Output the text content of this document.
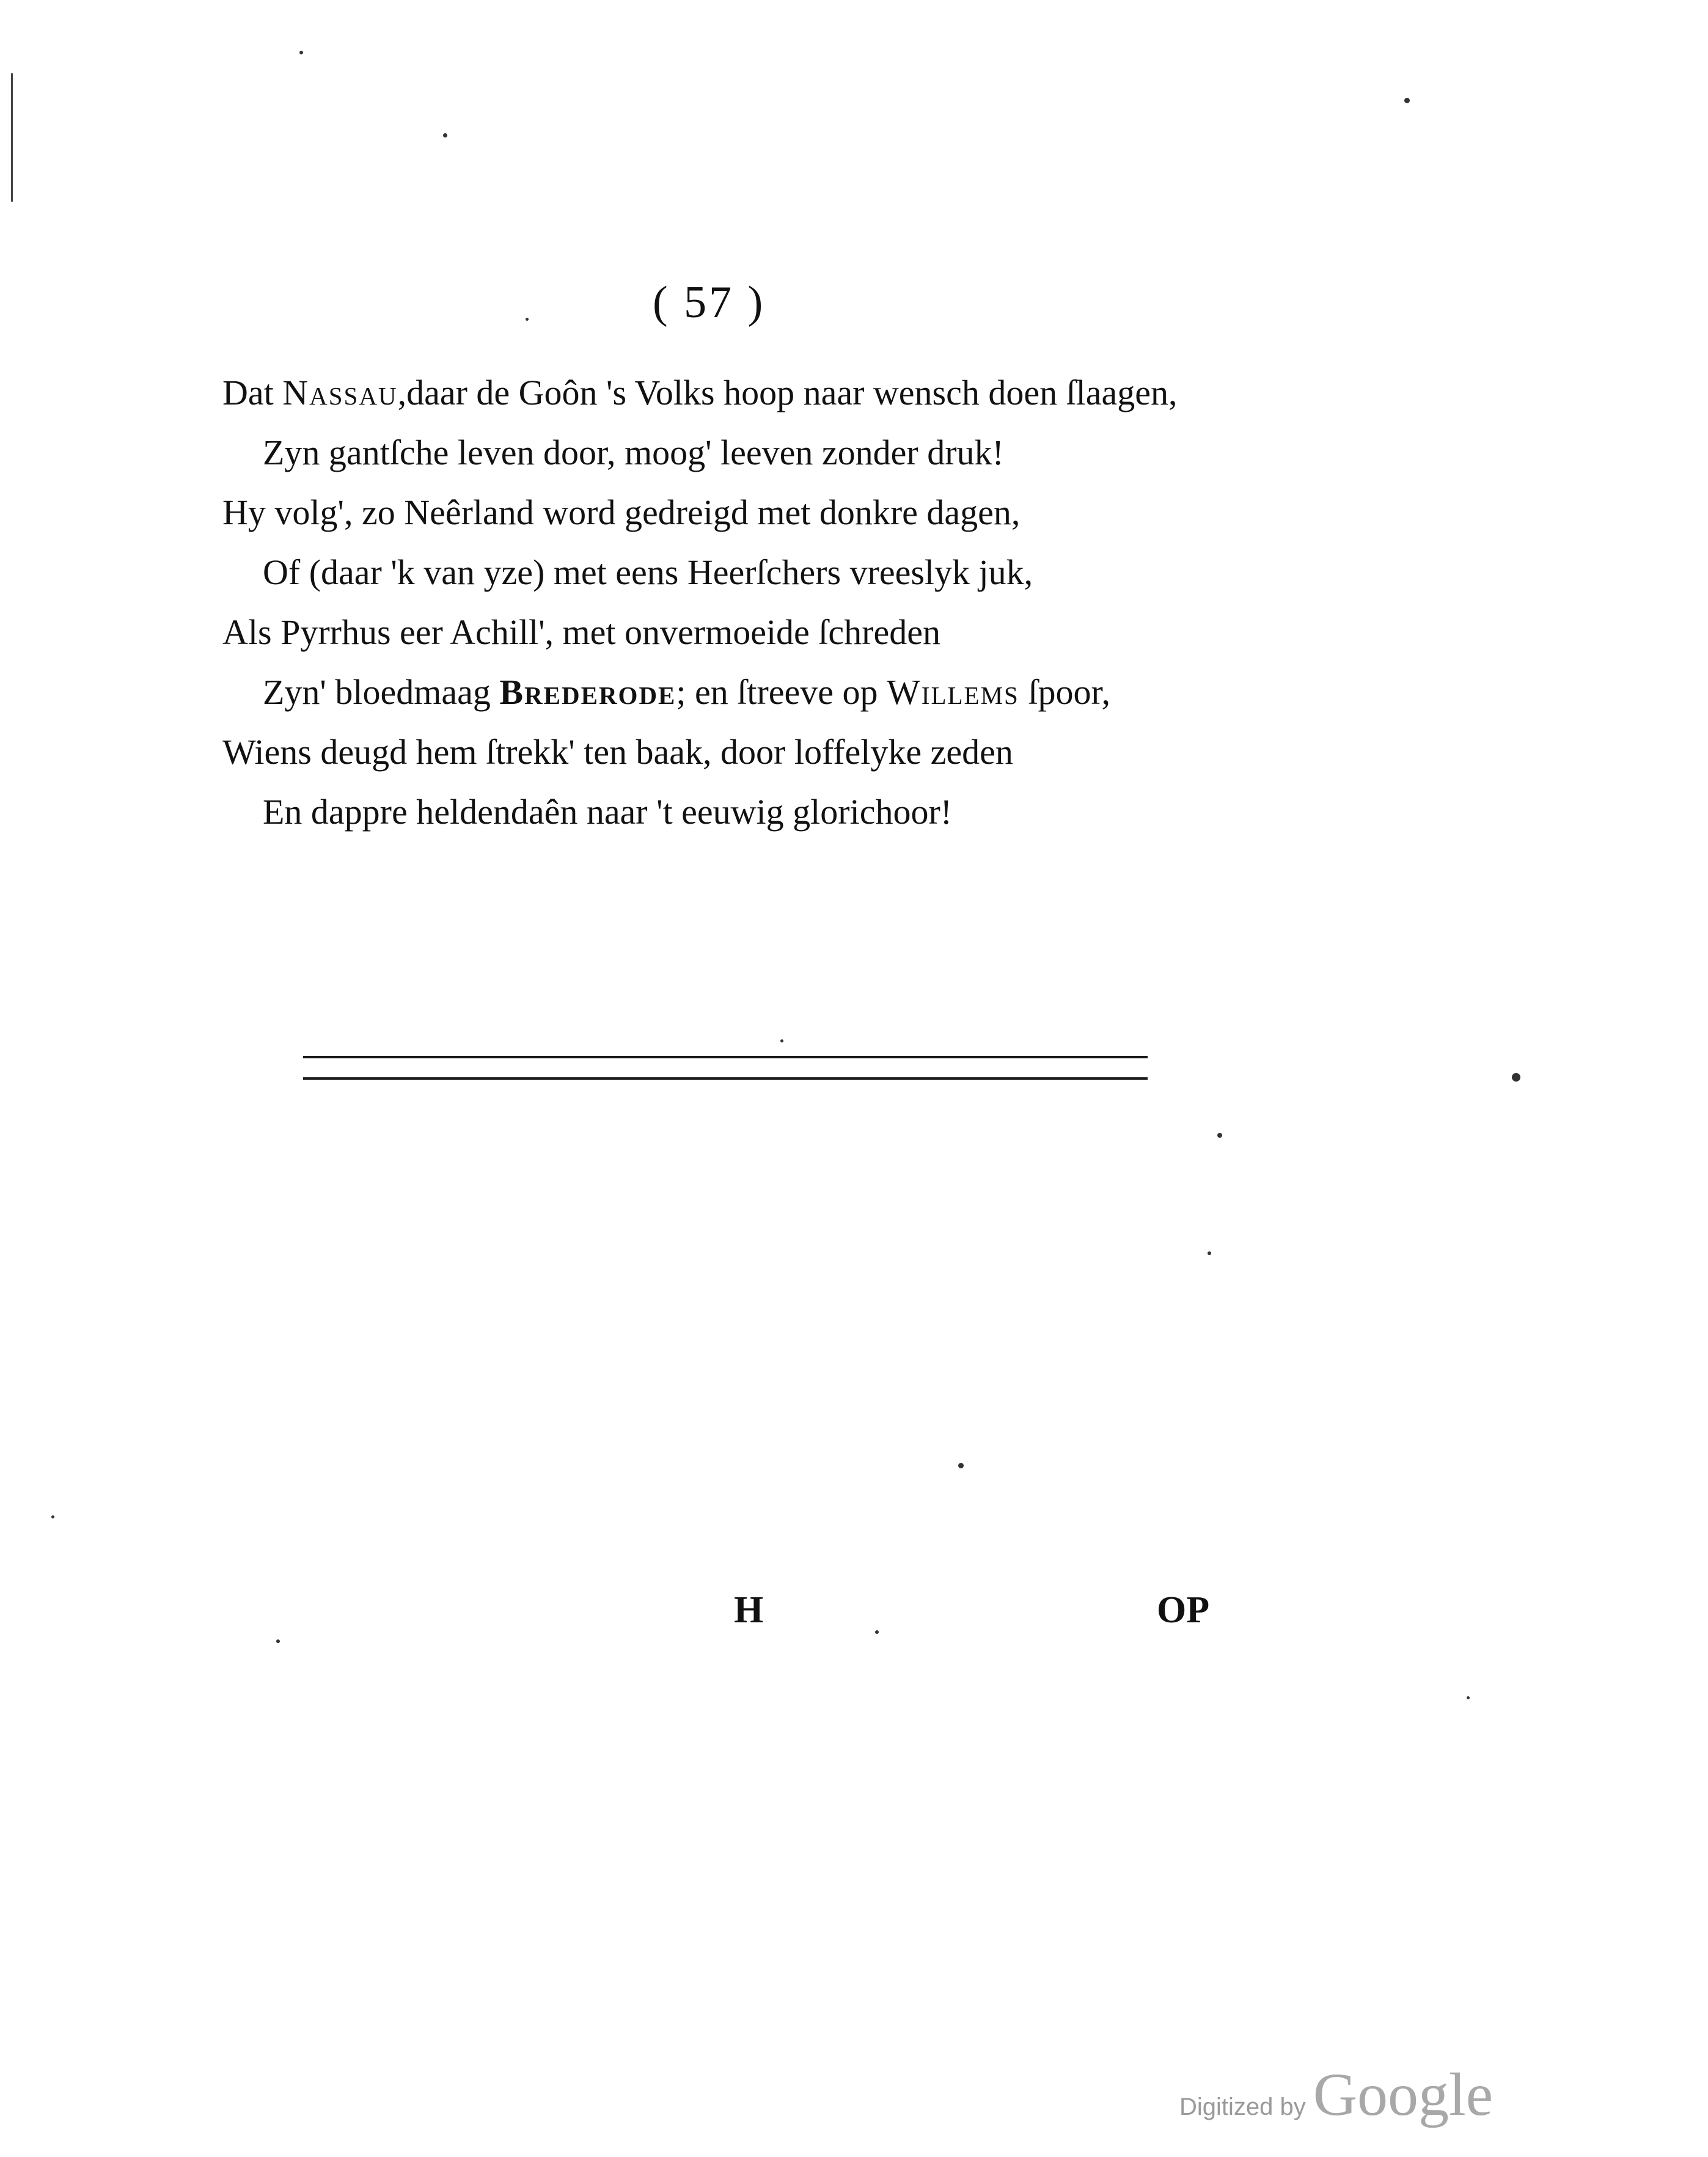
( 57 )
Dat Nassau,daar de Goôn 's Volks hoop naar wensch doen ſlaagen,
Zyn gantſche leven door, moog' leeven zonder druk!
Hy volg', zo Neêrland word gedreigd met donkre dagen,
Of (daar 'k van yze) met eens Heerſchers vreeslyk juk,
Als Pyrrhus eer Achill', met onvermoeide ſchreden
Zyn' bloedmaag Brederode; en ſtreeve op Willems ſpoor,
Wiens deugd hem ſtrekk' ten baak, door loffelyke zeden
En dappre heldendaên naar 't eeuwig glorichoor!
H	OP
Digitized by Google
